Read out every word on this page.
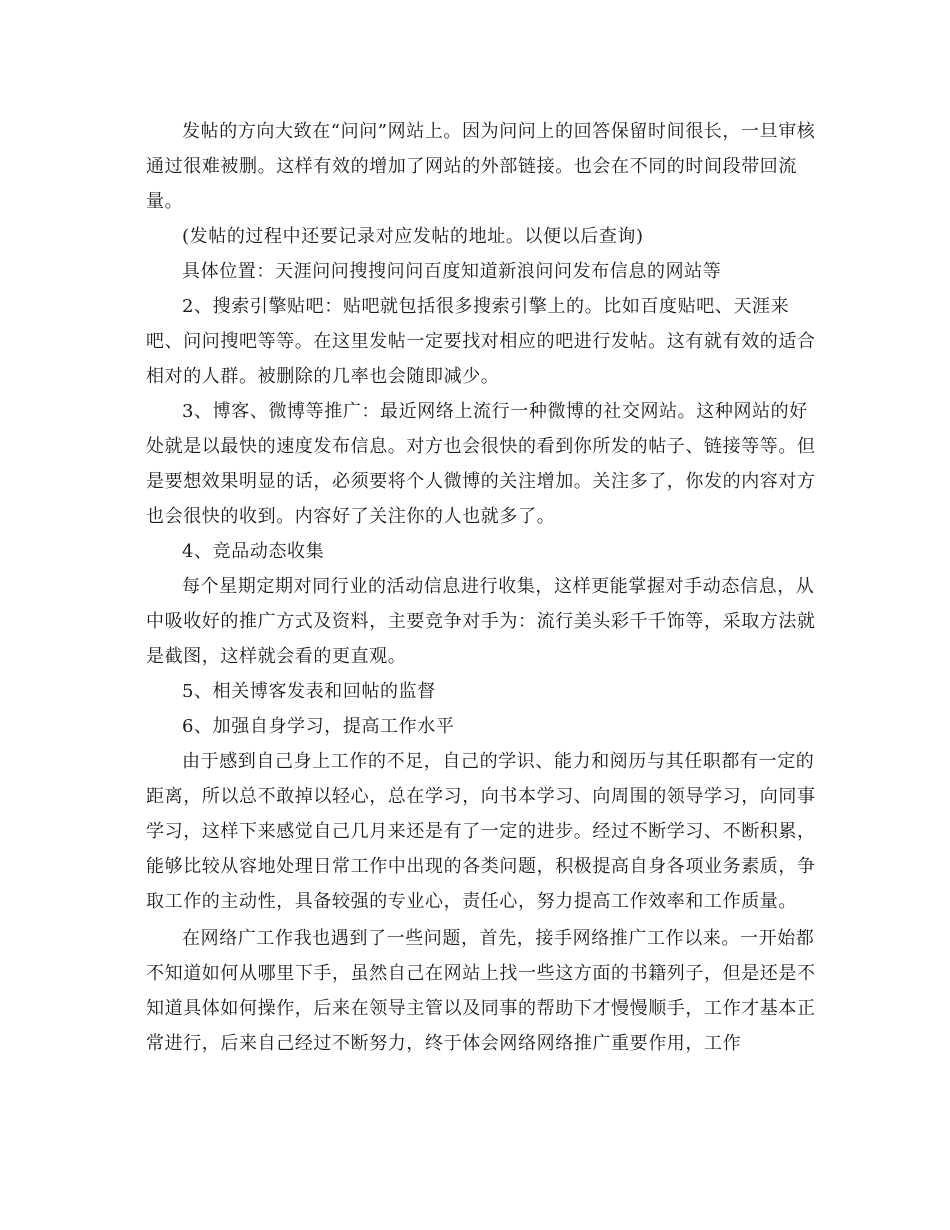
发帖的方向大致在“问问”网站上。因为问问上的回答保留时间很长，一旦审核通过很难被删。这样有效的增加了网站的外部链接。也会在不同的时间段带回流量。

(发帖的过程中还要记录对应发帖的地址。以便以后查询)

具体位置：天涯问问搜搜问问百度知道新浪问问发布信息的网站等

2、搜索引擎贴吧：贴吧就包括很多搜索引擎上的。比如百度贴吧、天涯来吧、问问搜吧等等。在这里发帖一定要找对相应的吧进行发帖。这有就有效的适合相对的人群。被删除的几率也会随即减少。

3、博客、微博等推广：最近网络上流行一种微博的社交网站。这种网站的好处就是以最快的速度发布信息。对方也会很快的看到你所发的帖子、链接等等。但是要想效果明显的话，必须要将个人微博的关注增加。关注多了，你发的内容对方也会很快的收到。内容好了关注你的人也就多了。

4、竞品动态收集

每个星期定期对同行业的活动信息进行收集，这样更能掌握对手动态信息，从中吸收好的推广方式及资料，主要竞争对手为：流行美头彩千千饰等，采取方法就是截图，这样就会看的更直观。

5、相关博客发表和回帖的监督

6、加强自身学习，提高工作水平

由于感到自己身上工作的不足，自己的学识、能力和阅历与其任职都有一定的距离，所以总不敢掉以轻心，总在学习，向书本学习、向周围的领导学习，向同事学习，这样下来感觉自己几月来还是有了一定的进步。经过不断学习、不断积累，能够比较从容地处理日常工作中出现的各类问题，积极提高自身各项业务素质，争取工作的主动性，具备较强的专业心，责任心，努力提高工作效率和工作质量。

在网络广工作我也遇到了一些问题，首先，接手网络推广工作以来。一开始都不知道如何从哪里下手，虽然自己在网站上找一些这方面的书籍列子，但是还是不知道具体如何操作，后来在领导主管以及同事的帮助下才慢慢顺手，工作才基本正常进行，后来自己经过不断努力，终于体会网络网络推广重要作用，工作
